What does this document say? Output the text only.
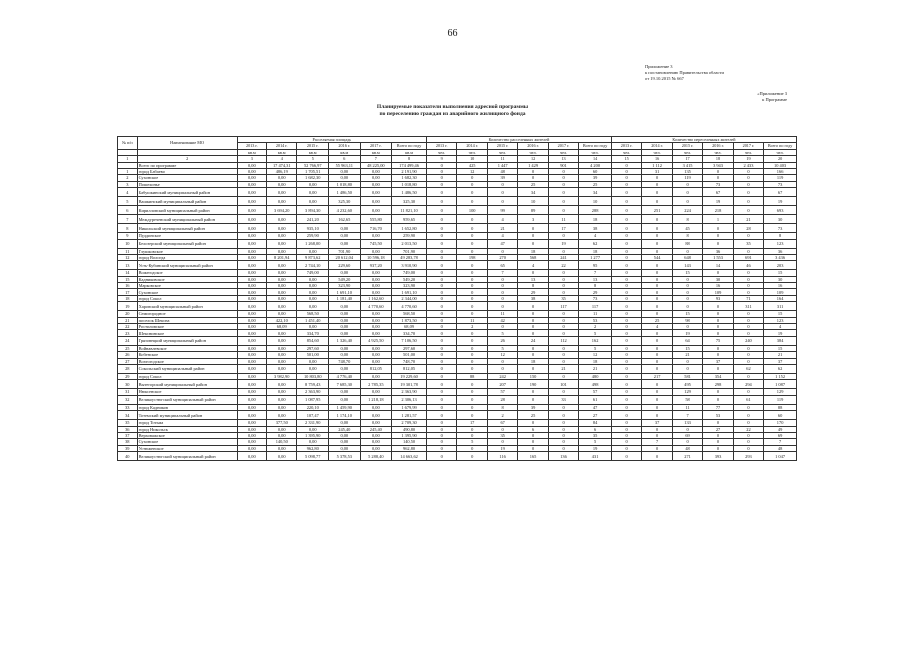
66
Приложение 3
к постановлению Правительства области
от 19.10.2015 № 667
«Приложение 3
к Программе
Планируемые показатели выполнения адресной программы
по переселению граждан из аварийного жилищного фонда
№ п/п	Наименование МО	Расселяемая площадь						Количество расселенных жителей						Количество переселенных жителей					
		2013 г.	2014 г.	2015 г.	2016 г.	2017 г.	Всего по году	2013 г.	2014 г.	2015 г.	2016 г.	2017 г.	Всего по году	2013 г.	2014 г.	2015 г.	2016 г.	2017 г.	Всего по году
		кв.м	кв.м	кв.м	кв.м	кв.м	кв.м	чел.	чел.	чел.	чел.	чел.	чел.	чел.	чел.	чел.	чел.	чел.	чел.
1	2	3	4	5	6	7	8	9	10	11	12	13	14	15	16	17	18	19	20
	Всего по программе	0,00	17 474,31	52 766,97	55 963,11	48 225,00	174 499,46	0	425	1 447	1 429	901	4 200	0	1 112	3 415	3 943	2 433	10 403
1	город Бабаево	0,00	486,19	1 705,51	0,00	0,00	2 191,90	0	12	48	0	0	60	0	31	135	0	0	166
2	Сухонское	0,00	0,00	1 682,30	0,00	0,00	1 682,30	0	0	39	0	0	39	0	0	119	0	0	119
3	Пошехонье	0,00	0,00	0,00	1 018,80	0,00	1 018,80	0	0	0	25	0	25	0	0	0	73	0	73
4	Бабушкинский муниципальный район	0,00	0,00	0,00	1 486,50	0,00	1 486,50	0	0	0	34	0	34	0	0	0	67	0	67
5	Вашкинский муниципальный район	0,00	0,00	0,00	325,30	0,00	325,30	0	0	0	10	0	10	0	0	0	19	0	19
6	Кирилловский муниципальный район	0,00	3 694,20	3 894,30	4 232,60	0,00	11 821,10	0	100	99	89	0	288	0	251	224	218	0	693
7	Междуреченский муниципальный район	0,00	0,00	241,20	162,65	555,80	959,65	0	0	4	3	11	18	0	0	8	1	21	30
8	Никольский муниципальный район	0,00	0,00	935,10	0,00	716,70	1 652,80	0	0	21	0	17	38	0	0	45	0	28	73
9	Пуддинское	0,00	0,00	259,90	0,00	0,00	259,90	0	0	4	0	0	4	0	0	8	0	0	8
10	Белозерский муниципальный район	0,00	0,00	1 268,00	0,00	745,50	2 013,50	0	0	47	0	19	62	0	0	88	0	35	123
11	Глушковское	0,00	0,00	0,00	701,90	0,00	701,90	0	0	0	18	0	18	0	0	0	36	0	36
12	город Вологда	0,00	8 201,94	9 873,62	20 612,04	10 596,18	49 283,78	0	198	270	568	241	1 277	0	544	648	1 553	691	3 436
13	Усть-Кубинский муниципальный район	0,00	0,00	2 744,10	229,60	937,20	3 910,90	0	0	65	4	22	95	0	0	143	14	46	203
14	Вожегодское	0,00	0,00	749,00	0,00	0,00	749,00	0	0	7	0	0	7	0	0	15	0	0	15
15	Кадниковское	0,00	0,00	0,00	549,20	0,00	549,20	0	0	0	13	0	13	0	0	0	30	0	30
16	Марковское	0,00	0,00	0,00	323,90	0,00	323,90	0	0	0	8	0	8	0	0	0	16	0	16
17	Сухонское	0,00	0,00	0,00	1 691,10	0,00	1 691,10	0	0	0	29	0	29	0	0	0	109	0	109
18	город Сокол	0,00	0,00	0,00	1 181,40	1 162,60	2 344,00	0	0	0	38	35	73	0	0	0	93	71	164
19	Харовский муниципальный район	0,00	0,00	0,00	0,00	4 770,60	4 770,60	0	0	0	0	117	117	0	0	0	0	311	311
20	Семигородное	0,00	0,00	568,50	0,00	0,00	568,50	0	0	11	0	0	11	0	0	15	0	0	15
21	поселок Шексна	0,00	422,10	1 451,40	0,00	0,00	1 873,50	0	11	42	0	0	53	0	25	98	0	0	123
22	Ростиловское	0,00	68,09	0,00	0,00	0,00	68,09	0	2	0	0	0	2	0	4	0	0	0	4
23	Шекснинское	0,00	0,00	334,70	0,00	0,00	334,70	0	0	5	0	0	5	0	0	19	0	0	19
24	Грязовецкий муниципальный район	0,00	0,00	854,60	1 326,40	4 925,50	7 106,50	0	0	26	24	112	162	0	0	64	75	240	384
25	Войнавлевское	0,00	0,00	297,60	0,00	0,00	297,60	0	0	5	0	0	5	0	0	15	0	0	15
26	Кобенское	0,00	0,00	501,00	0,00	0,00	501,00	0	0	12	0	0	12	0	0	21	0	0	21
27	Вохтогодское	0,00	0,00	0,00	748,70	0,00	748,70	0	0	0	18	0	18	0	0	0	37	0	37
28	Сокольский муниципальный район	0,00	0,00	0,00	0,00	812,05	812,05	0	0	0	0	21	21	0	0	0	0	62	62
29	город Сокол	0,00	3 982,90	10 803,80	4 776,40	0,00	19 229,60	0	88	242	150	0	480	0	217	581	354	0	1 152
30	Вытегорский муниципальный район	0,00	0,00	8 759,43	7 685,30	2 785,35	19 301,78	0	0	207	190	101	498	0	0	495	298	294	1 087
31	Нюксенское	0,00	0,00	2 363,90	0,00	0,00	2 363,90	0	0	57	0	0	57	0	0	129	0	0	129
32	Великоустюгский муниципальный район	0,00	0,00	1 087,95	0,00	1 218,18	2 306,13	0	0	28	0	33	61	0	0	58	0	61	119
33	город Кадников	0,00	0,00	220,10	1 459,90	0,00	1 679,99	0	0	8	39	0	47	0	0	11	77	0	88
34	Тотемский муниципальный район	0,00	0,00	107,47	1 174,10	0,00	1 281,57	0	0	2	25	0	27	0	0	7	53	0	60
35	город Тотьма	0,00	377,50	2 331,90	0,00	0,00	2 709,30	0	17	67	0	0	84	0	37	133	0	0	170
36	город Никольск	0,00	0,00	0,00	245,40	245,40	490,80	0	0	0	6	0	6	0	0	0	27	22	49
37	Верховажское	0,00	0,00	1 395,90	0,00	0,00	1 395,90	0	0	35	0	0	35	0	0	69	0	0	69
38	Сухонское	0,00	140,50	0,00	0,00	0,00	140,50	0	5	0	0	0	5	0	7	0	0	0	7
39	Устюженское	0,00	0,00	962,80	0,00	0,00	962,80	0	0	19	0	0	19	0	0	48	0	0	48
40	Великоустюгский муниципальный район	0,00	0,00	5 098,77	5 378,53	5 288,40	14 663,62	0	0	116	165	136	431	0	0	271	393	293	1 047
